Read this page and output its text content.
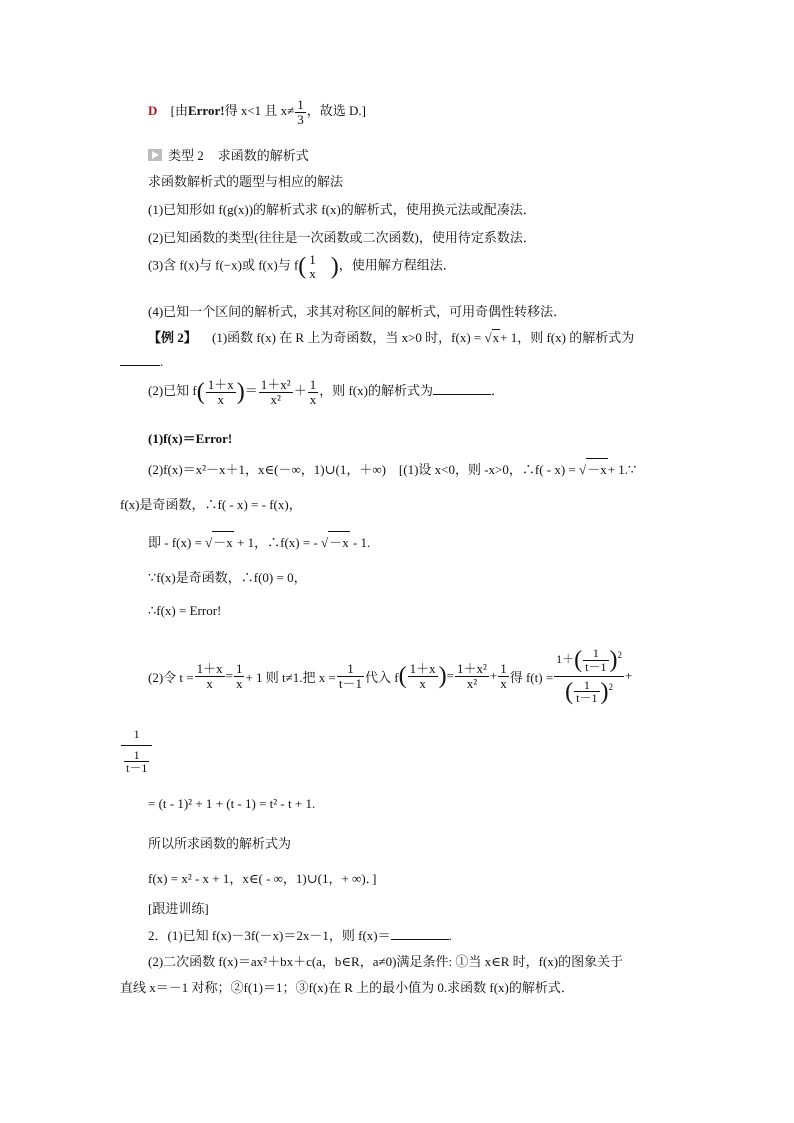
D [由Error!得 x<1 且 $x\ne \frac{1}{3}$ ，故选 D.]
类型 2 求函数的解析式
求函数解析式的题型与相应的解法
(1)已知形如 f(g(x))的解析式求 f(x)的解析式，使用换元法或配凑法．
(2)已知函数的类型(往往是一次函数或二次函数)，使用待定系数法．
(3)含 f(x)与 f(−x)或 f(x)与 f( 1
x )，使用解方程组法．
(4)已知一个区间的解析式，求其对称区间的解析式，可用奇偶性转移法．
【例 2】 (1)函数 f(x) 在 R 上为奇函数，当 x>0 时，f(x) = √x+ 1，则 f(x) 的解析式为
.
(2)已知 $f( \frac{1+x}{x}$ )＝ $\frac{\text{1＋x²}}{\text{x²}} + \frac{1}{x}$ ，则 f(x)的解析式为	．
(1)f(x)＝Error!
(2)f(x)＝x²－x＋1，x∈(－∞，1)∪(1，＋∞)　[(1)设 x<0，则 -x>0，∴f( - x) = √－x+ 1.∵
f(x)是奇函数，∴f( - x) = - f(x)，
即 - f(x) = √－x + 1，∴f(x) = - √－x - 1.
∵f(x)是奇函数，∴f(0) = 0，
∴f(x) = Error!
(2)令 $t = \frac{1+x}{x} = \frac{1}{x} + 1$ 则 t≠1.把 $x = \frac{1}{t-1}$ 代入 f ( $\frac{1+x}{x}$ ) = $\frac{\text{1＋x²}}{\text{x²}} + \frac{1}{x}$ 得 $f(t) = \frac{1+( \frac{1}{t-1} )^2}{( \frac{1}{t-1} )^2}$ +
$\frac{1}{\frac{1}{t-1}}$
= (t - 1)² + 1 + (t - 1) = t² - t + 1.
所以所求函数的解析式为
f(x) = x² - x + 1，x∈( - ∞，1)∪(1，+ ∞)．]
[跟进训练]
2．(1)已知 f(x)－3f(－x)＝2x－1，则 f(x)＝	.
(2)二次函数 f(x)＝ax²＋bx＋c(a，b∈R，a≠0)满足条件: ①当 x∈R 时，f(x)的图象关于
直线 x＝－1 对称；②f(1)＝1；③f(x)在 R 上的最小值为 0.求函数 f(x)的解析式．
